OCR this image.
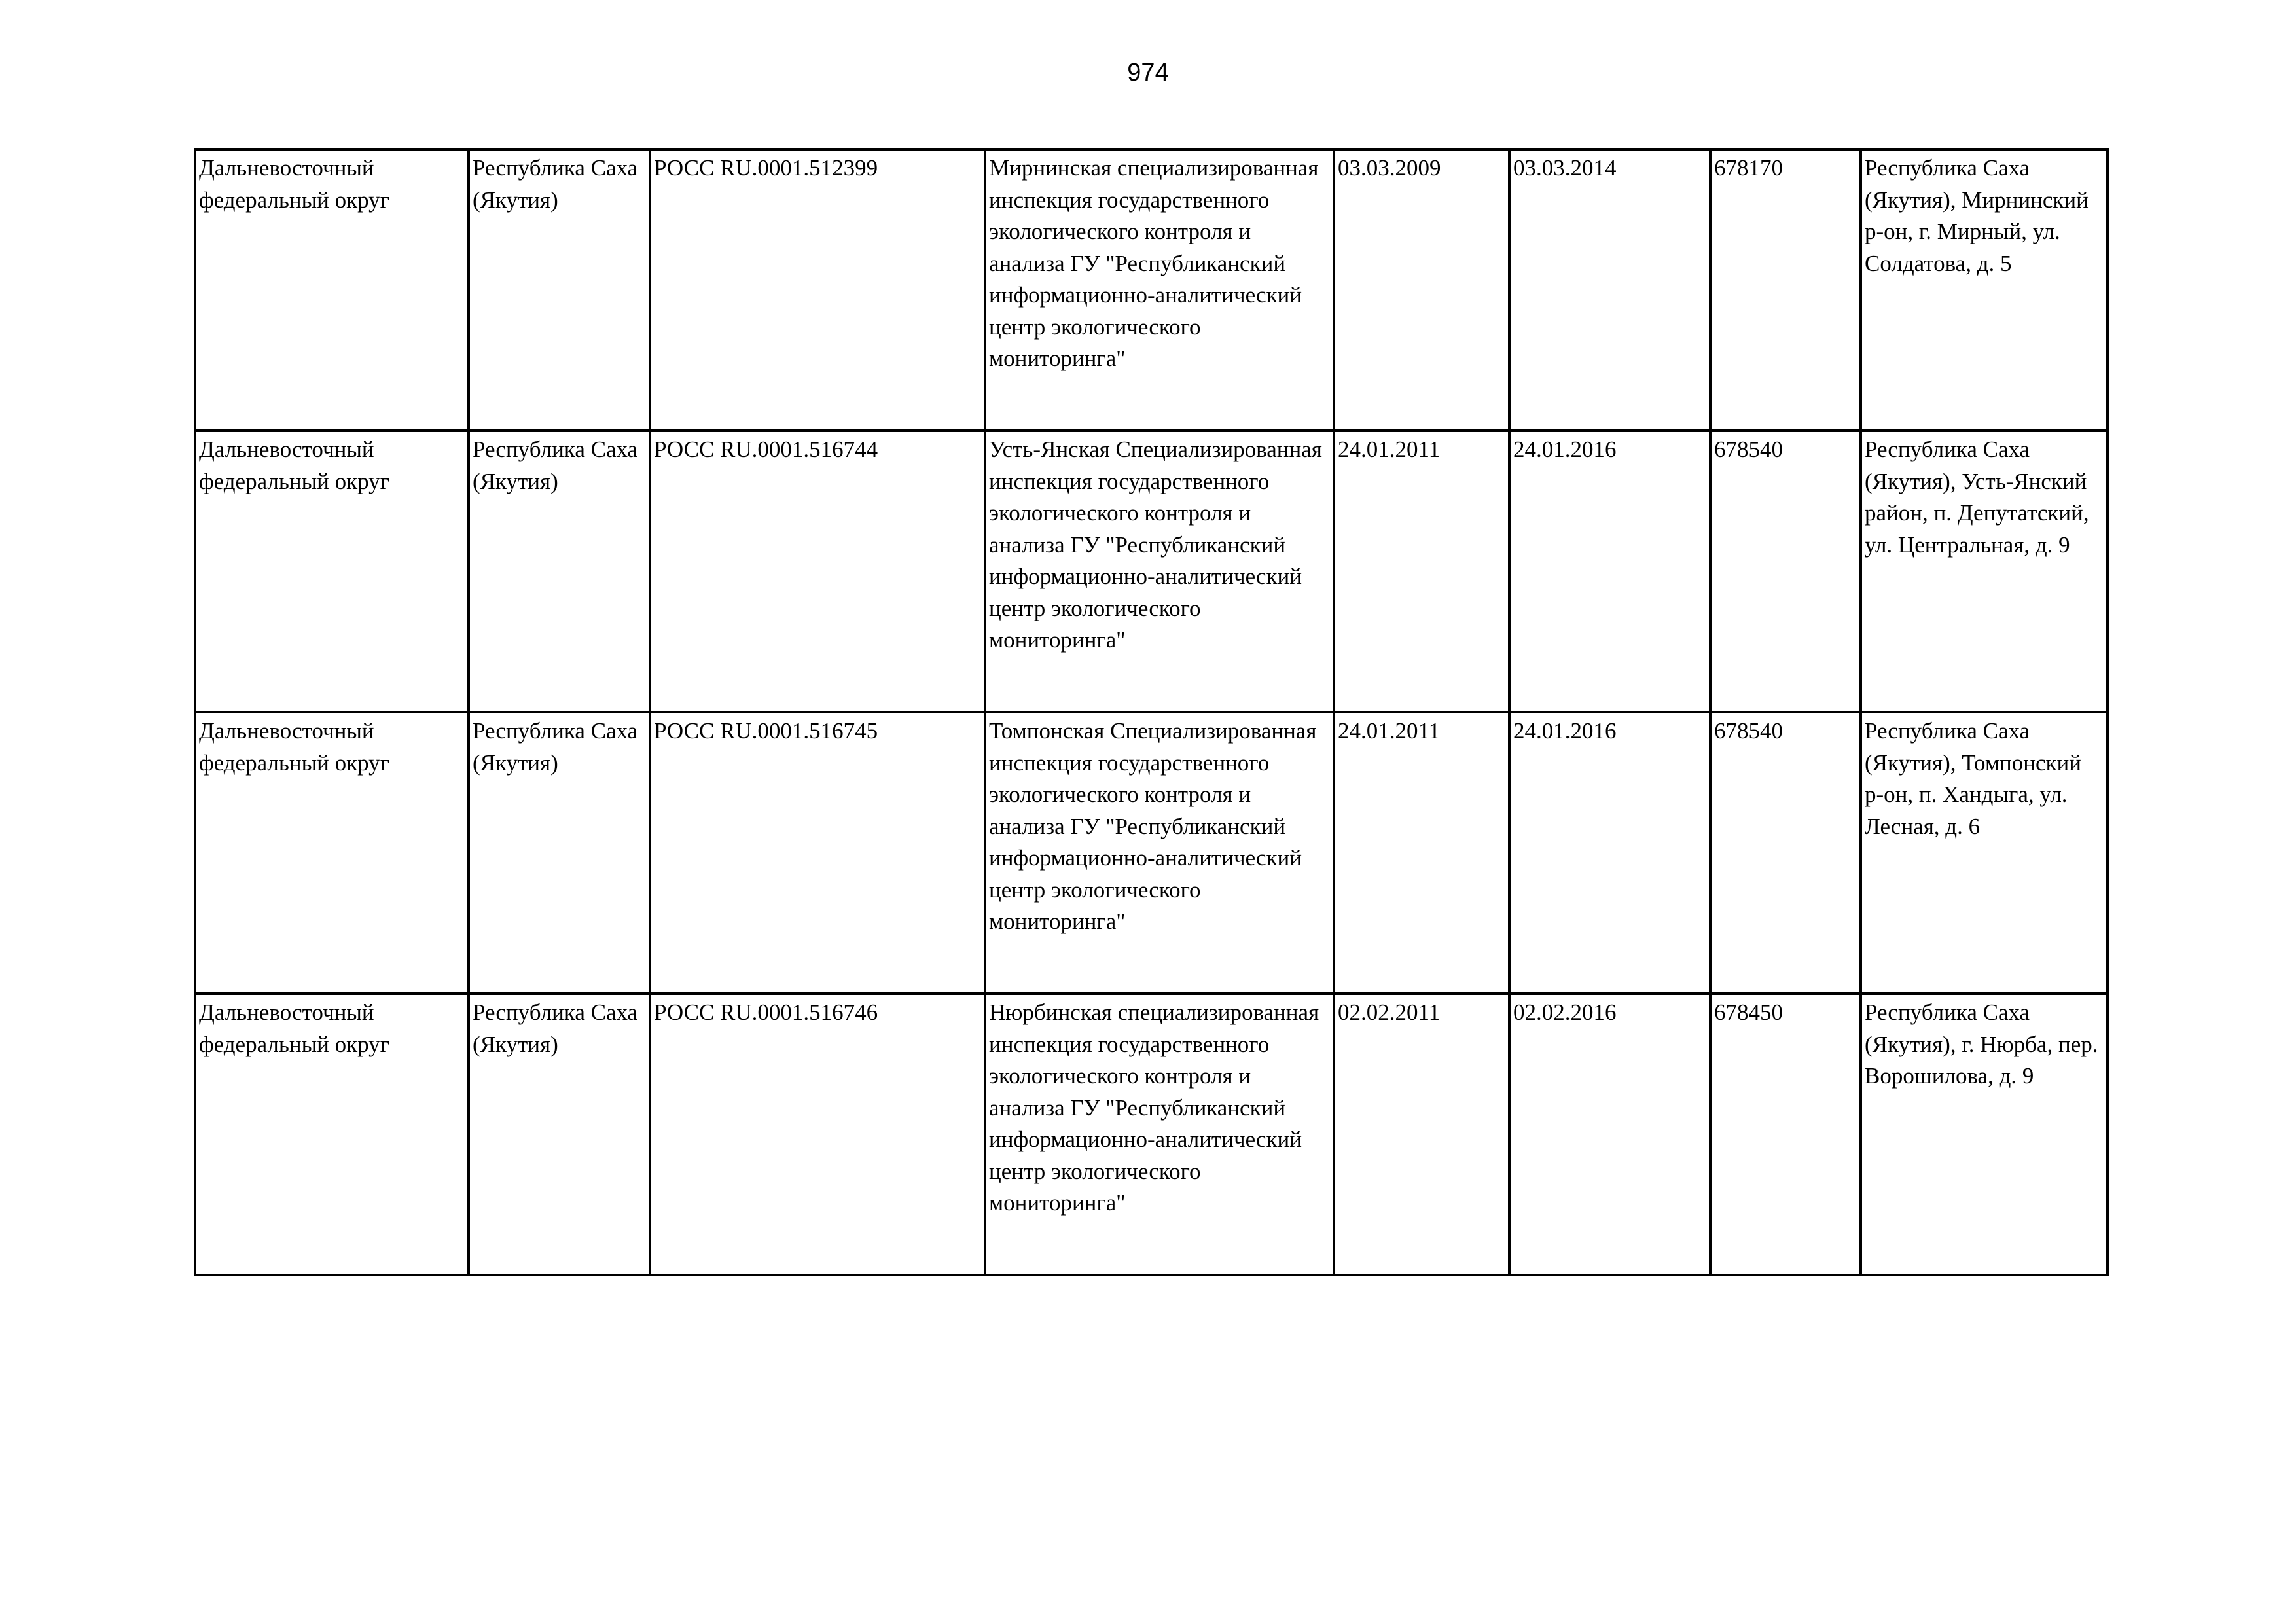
974
Дальневосточный федеральный округ	Республика Саха (Якутия)	РОСС RU.0001.512399	Мирнинская специализированная инспекция государственного экологического контроля и анализа ГУ "Республиканский информационно-аналитический центр экологического мониторинга"	03.03.2009	03.03.2014	678170	Республика Саха (Якутия), Мирнинский р-он, г. Мирный, ул. Солдатова, д. 5
Дальневосточный федеральный округ	Республика Саха (Якутия)	РОСС RU.0001.516744	Усть-Янская Специализированная инспекция государственного экологического контроля и анализа ГУ "Республиканский информационно-аналитический центр экологического мониторинга"	24.01.2011	24.01.2016	678540	Республика Саха (Якутия), Усть-Янский район, п. Депутатский, ул. Центральная, д. 9
Дальневосточный федеральный округ	Республика Саха (Якутия)	РОСС RU.0001.516745	Томпонская Специализированная инспекция государственного экологического контроля и анализа ГУ "Республиканский информационно-аналитический центр экологического мониторинга"	24.01.2011	24.01.2016	678540	Республика Саха (Якутия), Томпонский р-он, п. Хандыга, ул. Лесная, д. 6
Дальневосточный федеральный округ	Республика Саха (Якутия)	РОСС RU.0001.516746	Нюрбинская специализированная инспекция государственного экологического контроля и анализа ГУ "Республиканский информационно-аналитический центр экологического мониторинга"	02.02.2011	02.02.2016	678450	Республика Саха (Якутия), г. Нюрба, пер. Ворошилова, д. 9
